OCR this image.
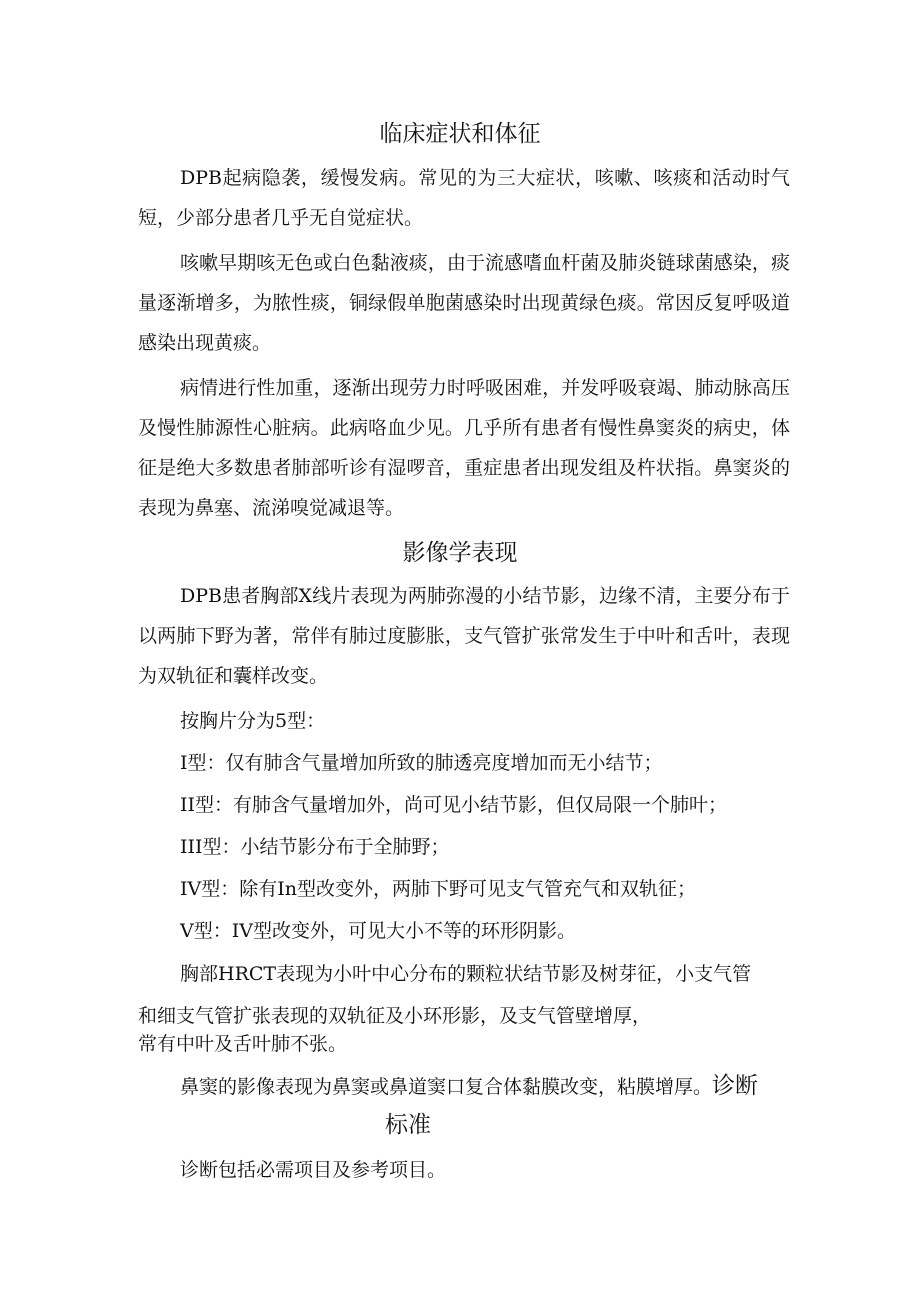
临床症状和体征

DPB起病隐袭，缓慢发病。常见的为三大症状，咳嗽、咳痰和活动时气短，少部分患者几乎无自觉症状。

咳嗽早期咳无色或白色黏液痰，由于流感嗜血杆菌及肺炎链球菌感染，痰量逐渐增多，为脓性痰，铜绿假单胞菌感染时出现黄绿色痰。常因反复呼吸道感染出现黄痰。

病情进行性加重，逐渐出现劳力时呼吸困难，并发呼吸衰竭、肺动脉高压及慢性肺源性心脏病。此病咯血少见。几乎所有患者有慢性鼻窦炎的病史，体征是绝大多数患者肺部听诊有湿啰音，重症患者出现发组及杵状指。鼻窦炎的表现为鼻塞、流涕嗅觉减退等。

影像学表现

DPB患者胸部X线片表现为两肺弥漫的小结节影，边缘不清，主要分布于以两肺下野为著，常伴有肺过度膨胀，支气管扩张常发生于中叶和舌叶，表现为双轨征和囊样改变。

按胸片分为5型：

I型：仅有肺含气量增加所致的肺透亮度增加而无小结节；

II型：有肺含气量增加外，尚可见小结节影，但仅局限一个肺叶；

III型：小结节影分布于全肺野；

IV型：除有In型改变外，两肺下野可见支气管充气和双轨征；

V型：IV型改变外，可见大小不等的环形阴影。

胸部HRCT表现为小叶中心分布的颗粒状结节影及树芽征，小支气管

和细支气管扩张表现的双轨征及小环形影，及支气管壁增厚，

常有中叶及舌叶肺不张。

鼻窦的影像表现为鼻窦或鼻道窦口复合体黏膜改变，粘膜增厚。诊断

标准

诊断包括必需项目及参考项目。
